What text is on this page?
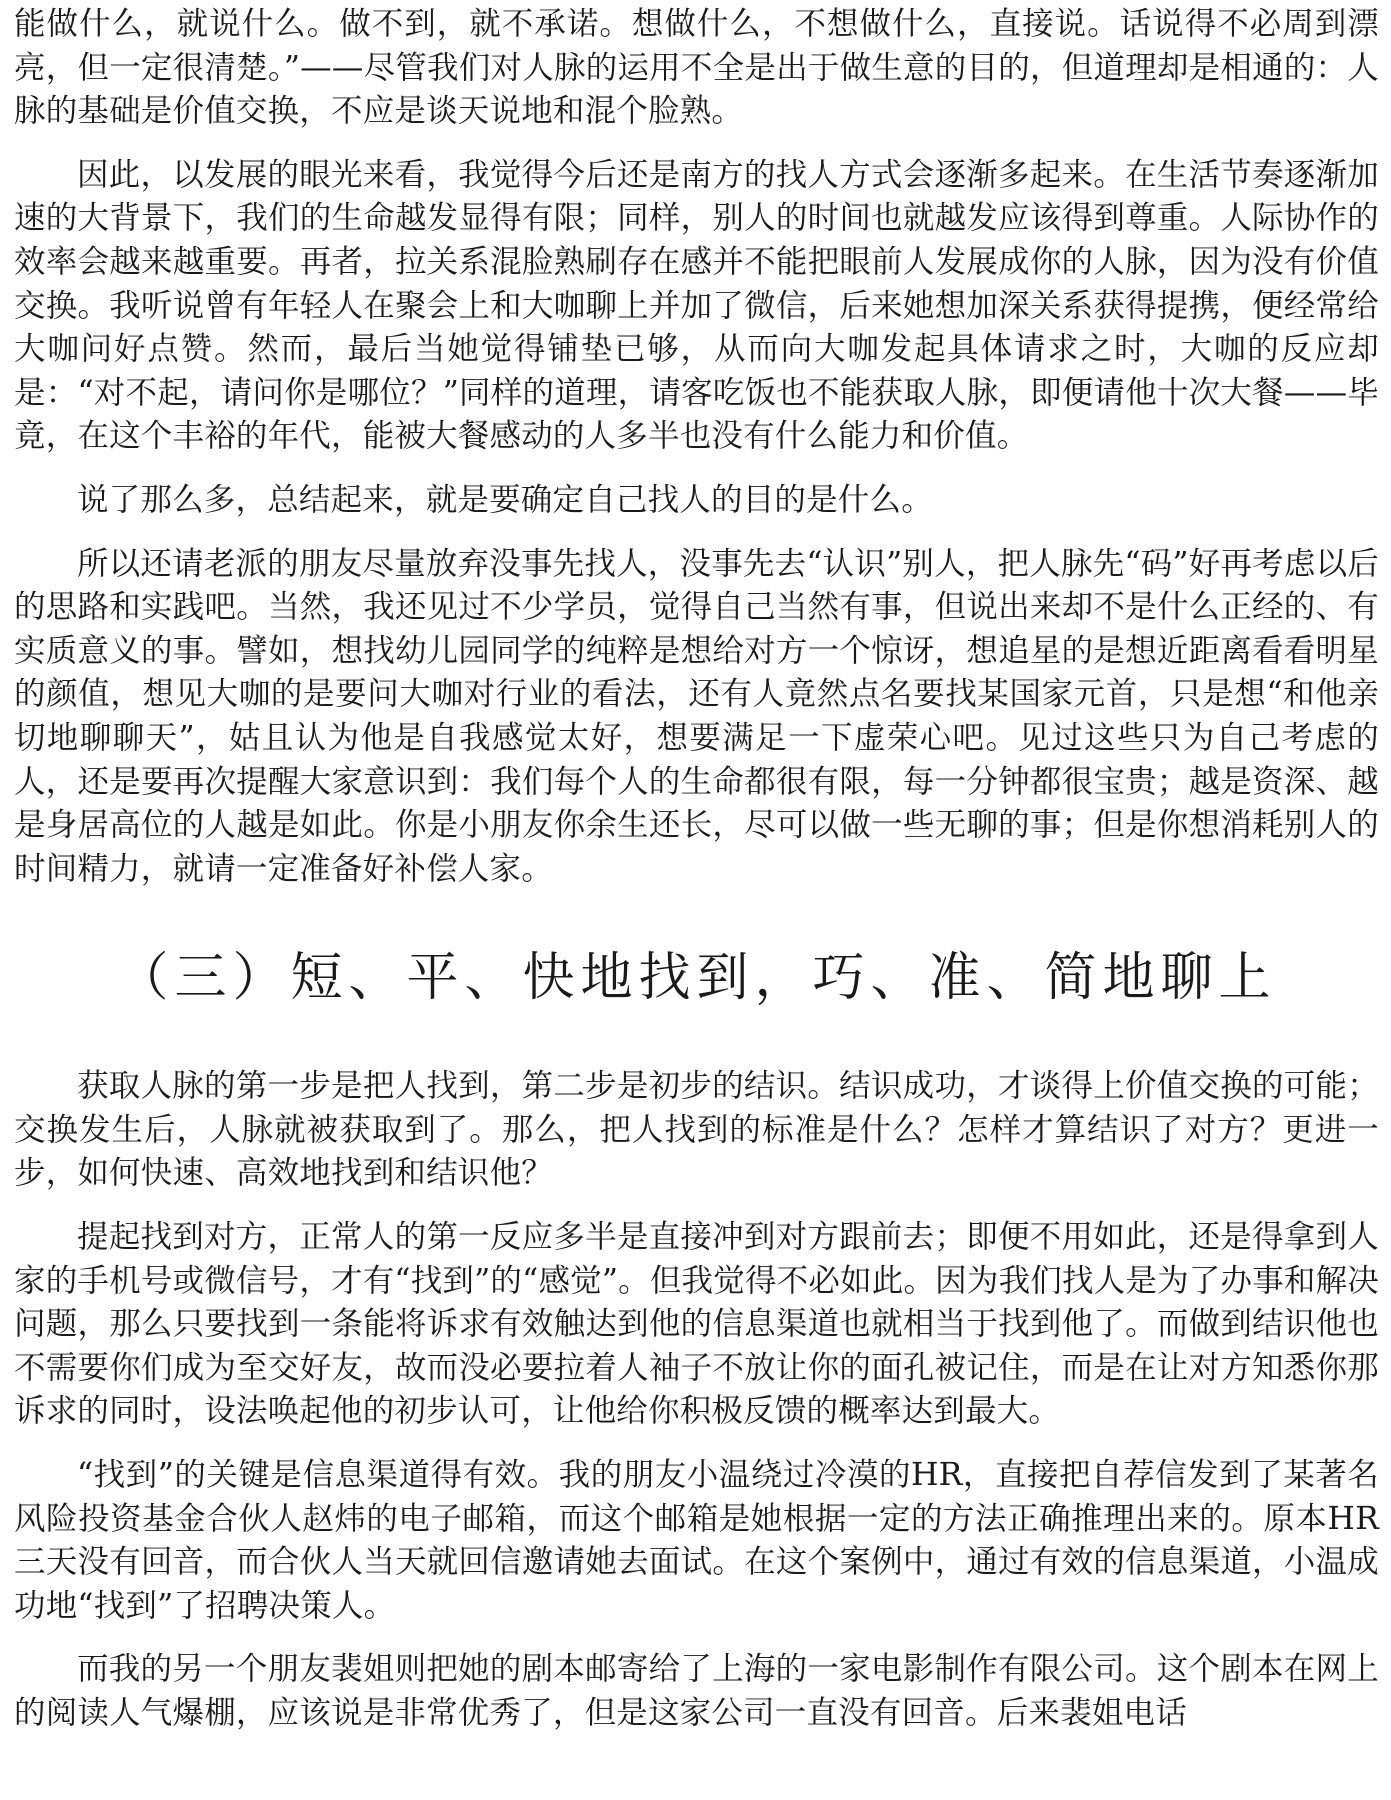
能做什么，就说什么。做不到，就不承诺。想做什么，不想做什么，直接说。话说得不必周到漂亮，但一定很清楚。”——尽管我们对人脉的运用不全是出于做生意的目的，但道理却是相通的：人脉的基础是价值交换，不应是谈天说地和混个脸熟。

因此，以发展的眼光来看，我觉得今后还是南方的找人方式会逐渐多起来。在生活节奏逐渐加速的大背景下，我们的生命越发显得有限；同样，别人的时间也就越发应该得到尊重。人际协作的效率会越来越重要。再者，拉关系混脸熟刷存在感并不能把眼前人发展成你的人脉，因为没有价值交换。我听说曾有年轻人在聚会上和大咖聊上并加了微信，后来她想加深关系获得提携，便经常给大咖问好点赞。然而，最后当她觉得铺垫已够，从而向大咖发起具体请求之时，大咖的反应却是：“对不起，请问你是哪位？”同样的道理，请客吃饭也不能获取人脉，即便请他十次大餐——毕竟，在这个丰裕的年代，能被大餐感动的人多半也没有什么能力和价值。

说了那么多，总结起来，就是要确定自己找人的目的是什么。

所以还请老派的朋友尽量放弃没事先找人，没事先去“认识”别人，把人脉先“码”好再考虑以后的思路和实践吧。当然，我还见过不少学员，觉得自己当然有事，但说出来却不是什么正经的、有实质意义的事。譬如，想找幼儿园同学的纯粹是想给对方一个惊讶，想追星的是想近距离看看明星的颜值，想见大咖的是要问大咖对行业的看法，还有人竟然点名要找某国家元首，只是想“和他亲切地聊聊天”，姑且认为他是自我感觉太好，想要满足一下虚荣心吧。见过这些只为自己考虑的人，还是要再次提醒大家意识到：我们每个人的生命都很有限，每一分钟都很宝贵；越是资深、越是身居高位的人越是如此。你是小朋友你余生还长，尽可以做一些无聊的事；但是你想消耗别人的时间精力，就请一定准备好补偿人家。

（三）短、平、快地找到，巧、准、简地聊上

获取人脉的第一步是把人找到，第二步是初步的结识。结识成功，才谈得上价值交换的可能；交换发生后，人脉就被获取到了。那么，把人找到的标准是什么？怎样才算结识了对方？更进一步，如何快速、高效地找到和结识他？

提起找到对方，正常人的第一反应多半是直接冲到对方跟前去；即便不用如此，还是得拿到人家的手机号或微信号，才有“找到”的“感觉”。但我觉得不必如此。因为我们找人是为了办事和解决问题，那么只要找到一条能将诉求有效触达到他的信息渠道也就相当于找到他了。而做到结识他也不需要你们成为至交好友，故而没必要拉着人袖子不放让你的面孔被记住，而是在让对方知悉你那诉求的同时，设法唤起他的初步认可，让他给你积极反馈的概率达到最大。

“找到”的关键是信息渠道得有效。我的朋友小温绕过冷漠的HR，直接把自荐信发到了某著名风险投资基金合伙人赵炜的电子邮箱，而这个邮箱是她根据一定的方法正确推理出来的。原本HR三天没有回音，而合伙人当天就回信邀请她去面试。在这个案例中，通过有效的信息渠道，小温成功地“找到”了招聘决策人。

而我的另一个朋友裴姐则把她的剧本邮寄给了上海的一家电影制作有限公司。这个剧本在网上的阅读人气爆棚，应该说是非常优秀了，但是这家公司一直没有回音。后来裴姐电话
